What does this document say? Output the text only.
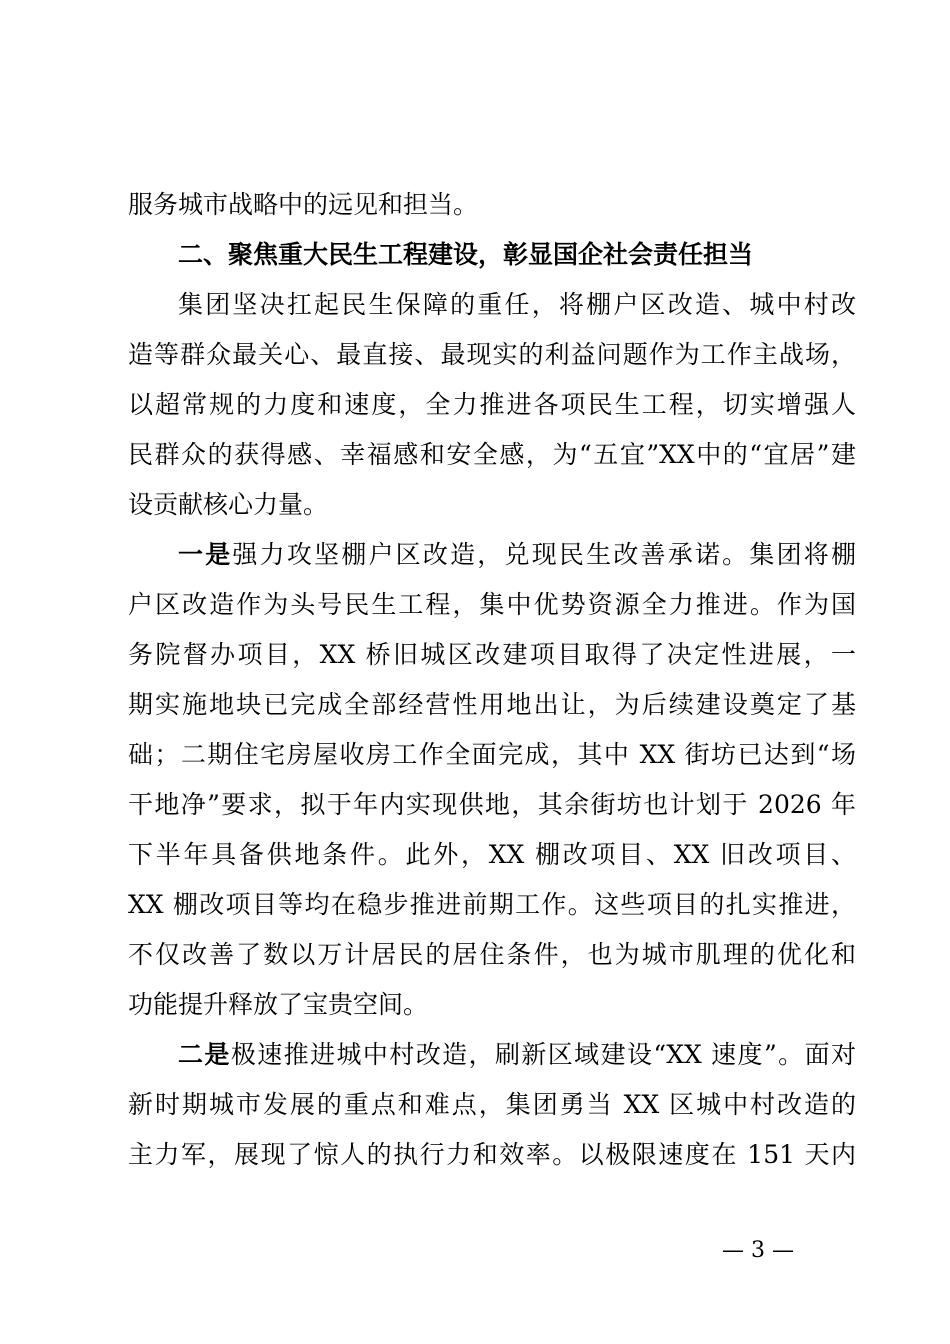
服务城市战略中的远见和担当。
二、聚焦重大民生工程建设，彰显国企社会责任担当
集团坚决扛起民生保障的重任，将棚户区改造、城中村改
造等群众最关心、最直接、最现实的利益问题作为工作主战场，
以超常规的力度和速度，全力推进各项民生工程，切实增强人
民群众的获得感、幸福感和安全感，为“五宜”XX中的“宜居”建
设贡献核心力量。
一是强力攻坚棚户区改造，兑现民生改善承诺。集团将棚
户区改造作为头号民生工程，集中优势资源全力推进。作为国
务院督办项目，XX 桥旧城区改建项目取得了决定性进展，一
期实施地块已完成全部经营性用地出让，为后续建设奠定了基
础；二期住宅房屋收房工作全面完成，其中 XX 街坊已达到“场
干地净”要求，拟于年内实现供地，其余街坊也计划于 2026 年
下半年具备供地条件。此外，XX 棚改项目、XX 旧改项目、
XX 棚改项目等均在稳步推进前期工作。这些项目的扎实推进，
不仅改善了数以万计居民的居住条件，也为城市肌理的优化和
功能提升释放了宝贵空间。
二是极速推进城中村改造，刷新区域建设“XX 速度”。面对
新时期城市发展的重点和难点，集团勇当 XX 区城中村改造的
主力军，展现了惊人的执行力和效率。以极限速度在 151 天内
— 3 —
